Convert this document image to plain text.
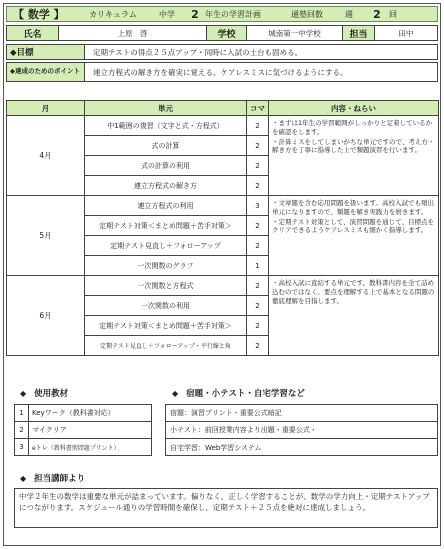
【 数学 】	カリキュラム	中学	2 年生の学習計画	通塾回数	週	2	回
氏名	上原　啓	学校	城南第一中学校	担当	田中
◆目標	定期テストの得点２５点アップ・同時に入試の土台も固める。
◆達成のためのポイント	連立方程式の解き方を確実に覚える。ケアレスミスに気づけるようにする。
月	単元	コマ	内容・ねらい
4月	中1範囲の復習（文字と式・方程式）	2	・まずは1年生の学習範囲がしっかりと定着しているかを確認をします。
・計算ミスをしてしまいがちな単元ですので、考え方・解き方を丁寧に指導した上で類題演習を行います。

	式の計算	2	
	式の計算の利用	2	
	連立方程式の解き方	2	
5月	連立方程式の利用	3	・文章題を含む応用問題を扱います。高校入試でも頻出単元になりますので、類題を解き実践力を磨きます。
・定期テスト対策として、演習問題を通じて、目標点をクリアできるようケアレスミスも細かく指導します。

	定期テスト対策＜まとめ問題＋苦手対策＞	2	
	定期テスト見直し＋フォローアップ	2	
	一次関数のグラフ	1	
6月	一次関数と方程式	2	・高校入試に直結する単元です。教科書内容を全て詰め込むのではなく、要点を理解する上で基本となる問題の徹底理解を目指します。

	一次関数の利用	2	
	定期テスト対策＜まとめ問題＋苦手対策＞	2	
	定期テスト見直し＋フォローアップ・平行線と角	2	
◆ 使用教材
1	Keyワーク（教科書対応）
2	マイクリア
3	eトレ（教科書別問題プリント）
◆ 宿題・小テスト・自宅学習など
宿題：演習プリント・重要公式暗記
小テスト：前回授業内容より出題・重要公式・
自宅学習：Web学習システム
◆ 担当講師より
中学２年生の数学は重要な単元が詰まっています。偏りなく、正しく学習することが、数学の学力向上・定期テストアップにつながります。スケジュール通りの学習時間を確保し、定期テスト＋２５点を絶対に達成しましょう。
